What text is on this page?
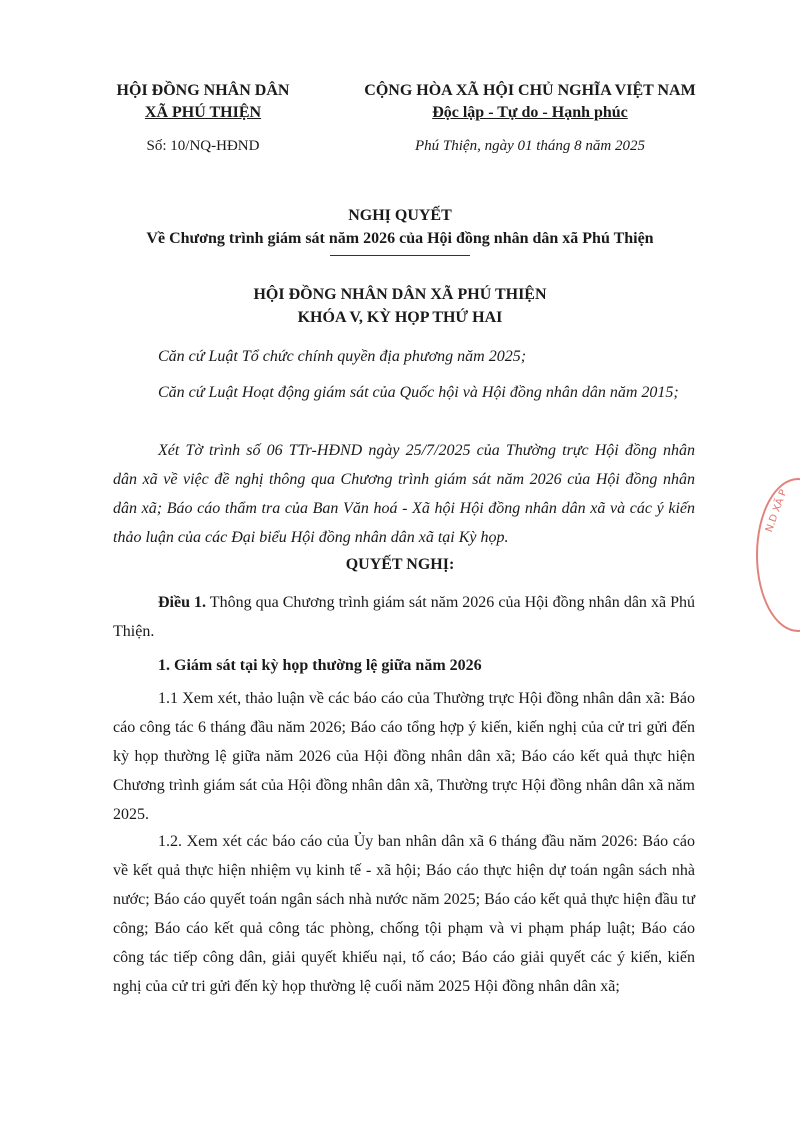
HỘI ĐỒNG NHÂN DÂN
XÃ PHÚ THIỆN
CỘNG HÒA XÃ HỘI CHỦ NGHĨA VIỆT NAM
Độc lập - Tự do - Hạnh phúc
Số: 10/NQ-HĐND	Phú Thiện, ngày 01 tháng 8 năm 2025
NGHỊ QUYẾT
Về Chương trình giám sát năm 2026 của Hội đồng nhân dân xã Phú Thiện
HỘI ĐỒNG NHÂN DÂN XÃ PHÚ THIỆN
KHÓA V, KỲ HỌP THỨ HAI
Căn cứ Luật Tổ chức chính quyền địa phương năm 2025;
Căn cứ Luật Hoạt động giám sát của Quốc hội và Hội đồng nhân dân năm 2015;
Xét Tờ trình số 06 TTr-HĐND ngày 25/7/2025 của Thường trực Hội đồng nhân dân xã về việc đề nghị thông qua Chương trình giám sát năm 2026 của Hội đồng nhân dân xã; Báo cáo thẩm tra của Ban Văn hoá - Xã hội Hội đồng nhân dân xã và các ý kiến thảo luận của các Đại biểu Hội đồng nhân dân xã tại Kỳ họp.
QUYẾT NGHỊ:
Điều 1. Thông qua Chương trình giám sát năm 2026 của Hội đồng nhân dân xã Phú Thiện.
1. Giám sát tại kỳ họp thường lệ giữa năm 2026
1.1 Xem xét, thảo luận về các báo cáo của Thường trực Hội đồng nhân dân xã: Báo cáo công tác 6 tháng đầu năm 2026; Báo cáo tổng hợp ý kiến, kiến nghị của cử tri gửi đến kỳ họp thường lệ giữa năm 2026 của Hội đồng nhân dân xã; Báo cáo kết quả thực hiện Chương trình giám sát của Hội đồng nhân dân xã, Thường trực Hội đồng nhân dân xã năm 2025.
1.2. Xem xét các báo cáo của Ủy ban nhân dân xã 6 tháng đầu năm 2026: Báo cáo về kết quả thực hiện nhiệm vụ kinh tế - xã hội; Báo cáo thực hiện dự toán ngân sách nhà nước; Báo cáo quyết toán ngân sách nhà nước năm 2025; Báo cáo kết quả thực hiện đầu tư công; Báo cáo kết quả công tác phòng, chống tội phạm và vi phạm pháp luật; Báo cáo công tác tiếp công dân, giải quyết khiếu nại, tố cáo; Báo cáo giải quyết các ý kiến, kiến nghị của cử tri gửi đến kỳ họp thường lệ cuối năm 2025 Hội đồng nhân dân xã;
N.D XÃ P
